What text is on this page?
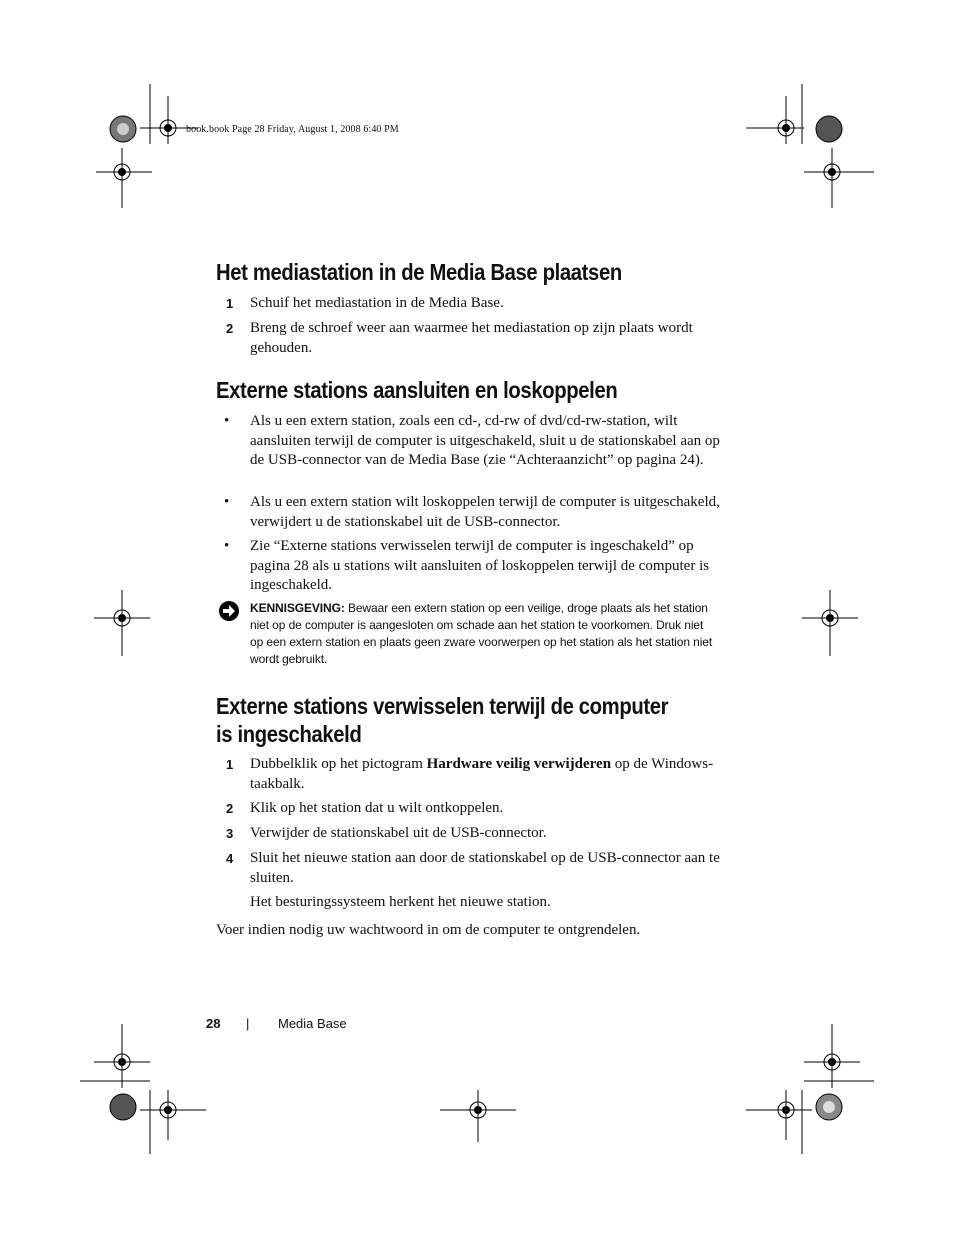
book.book Page 28 Friday, August 1, 2008 6:40 PM
Het mediastation in de Media Base plaatsen
1	Schuif het mediastation in de Media Base.
2	Breng de schroef weer aan waarmee het mediastation op zijn plaats wordt gehouden.
Externe stations aansluiten en loskoppelen
•	Als u een extern station, zoals een cd-, cd-rw of dvd/cd-rw-station, wilt aansluiten terwijl de computer is uitgeschakeld, sluit u de stationskabel aan op de USB-connector van de Media Base (zie “Achteraanzicht” op pagina 24).
•	Als u een extern station wilt loskoppelen terwijl de computer is uitgeschakeld, verwijdert u de stationskabel uit de USB-connector.
•	Zie “Externe stations verwisselen terwijl de computer is ingeschakeld” op pagina 28 als u stations wilt aansluiten of loskoppelen terwijl de computer is ingeschakeld.
KENNISGEVING: Bewaar een extern station op een veilige, droge plaats als het station niet op de computer is aangesloten om schade aan het station te voorkomen. Druk niet op een extern station en plaats geen zware voorwerpen op het station als het station niet wordt gebruikt.
Externe stations verwisselen terwijl de computer
is ingeschakeld
1	Dubbelklik op het pictogram Hardware veilig verwijderen op de Windows-taakbalk.
2	Klik op het station dat u wilt ontkoppelen.
3	Verwijder de stationskabel uit de USB-connector.
4	Sluit het nieuwe station aan door de stationskabel op de USB-connector aan te sluiten.
Het besturingssysteem herkent het nieuwe station.
Voer indien nodig uw wachtwoord in om de computer te ontgrendelen.
28 | Media Base
